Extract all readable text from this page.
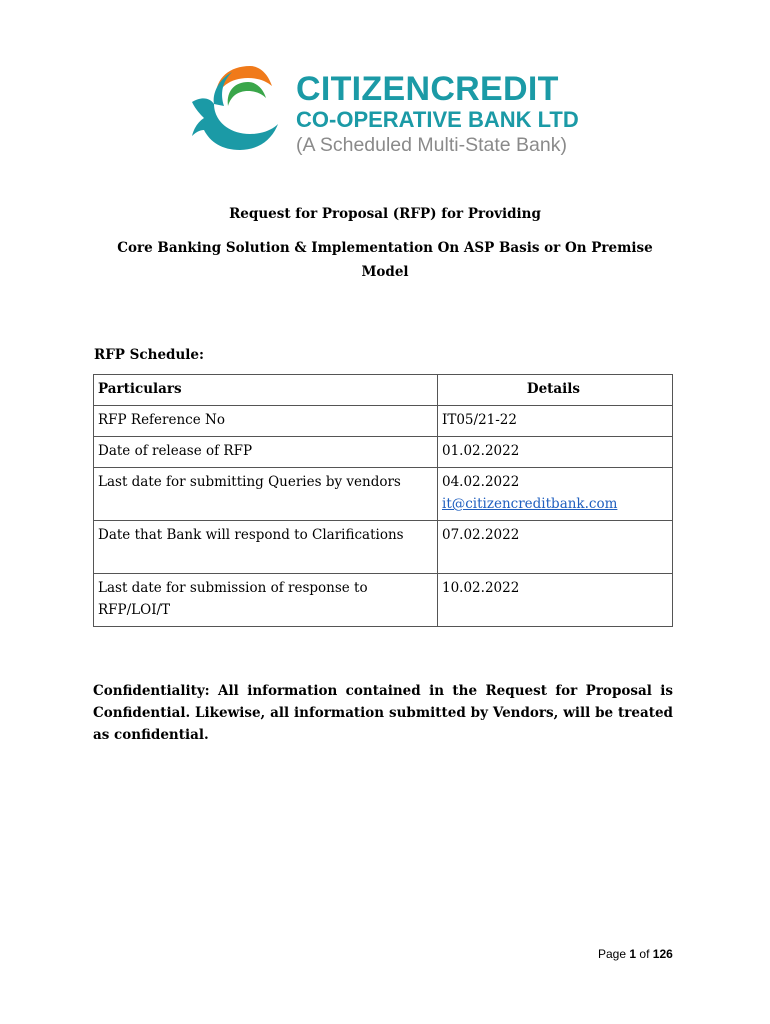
CITIZENCREDIT
CO-OPERATIVE BANK LTD
(A Scheduled Multi-State Bank)
Request for Proposal (RFP) for Providing
Core Banking Solution & Implementation On ASP Basis or On Premise Model
RFP Schedule:
Particulars	Details
RFP Reference No	IT05/21-22
Date of release of RFP	01.02.2022
Last date for submitting Queries by vendors	04.02.2022
it@citizencreditbank.com
Date that Bank will respond to Clarifications	07.02.2022
Last date for submission of response to RFP/LOI/T	10.02.2022
Confidentiality: All information contained in the Request for Proposal is Confidential. Likewise, all information submitted by Vendors, will be treated as confidential.
Page 1 of 126
